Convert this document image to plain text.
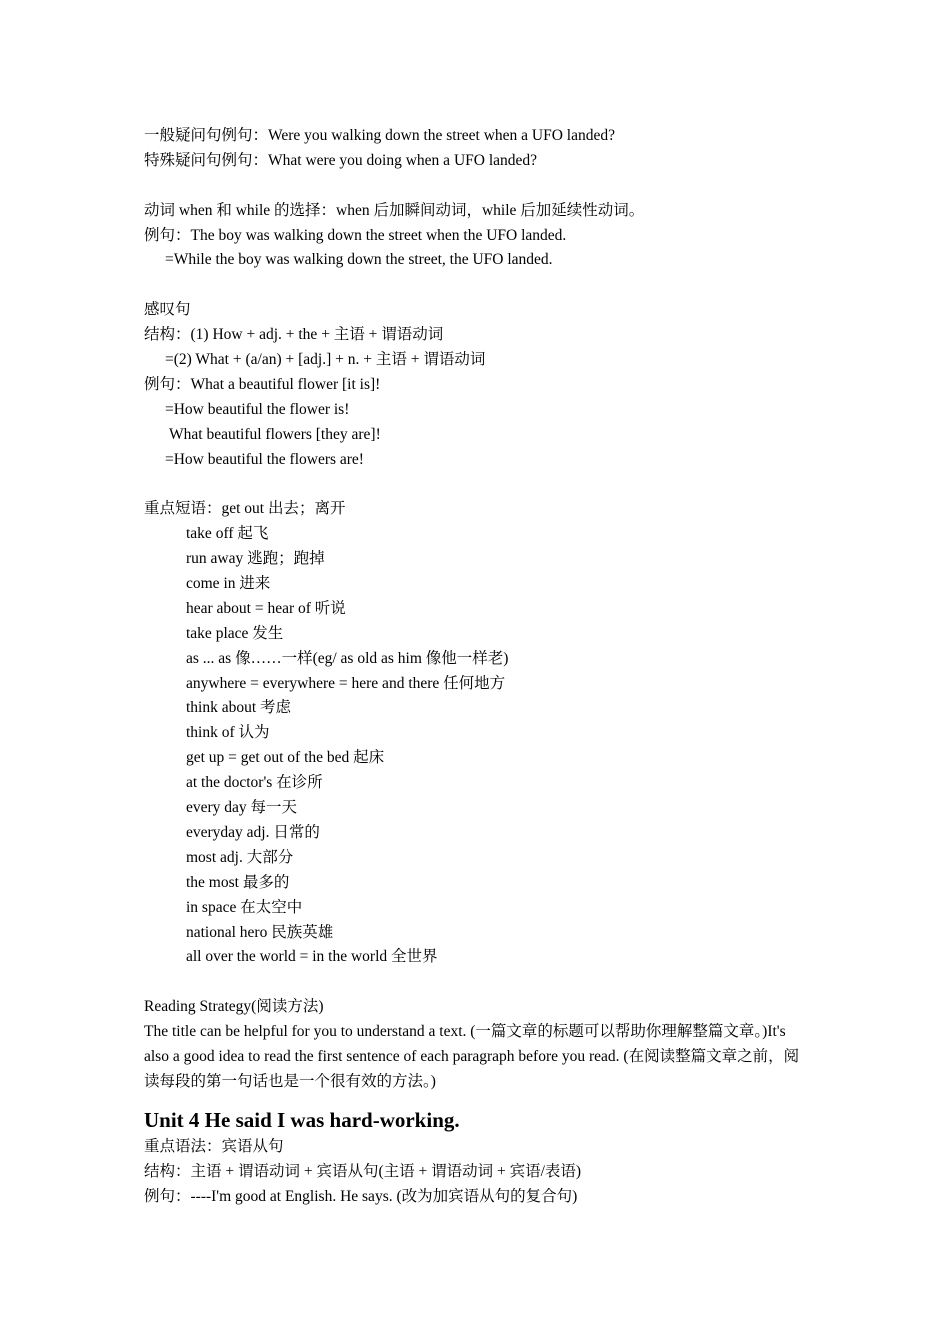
一般疑问句例句：Were you walking down the street when a UFO landed?
特殊疑问句例句：What were you doing when a UFO landed?
动词 when 和 while 的选择：when 后加瞬间动词，while 后加延续性动词。
例句：The boy was walking down the street when the UFO landed.
=While the boy was walking down the street, the UFO landed.
感叹句
结构：(1) How + adj. + the + 主语 + 谓语动词
=(2) What + (a/an) + [adj.] + n. + 主语 + 谓语动词
例句：What a beautiful flower [it is]!
=How beautiful the flower is!
What beautiful flowers [they are]!
=How beautiful the flowers are!
重点短语：get out 出去；离开
take off 起飞
run away 逃跑；跑掉
come in 进来
hear about = hear of 听说
take place 发生
as ... as 像……一样(eg/ as old as him 像他一样老)
anywhere = everywhere = here and there 任何地方
think about 考虑
think of 认为
get up = get out of the bed 起床
at the doctor's 在诊所
every day 每一天
everyday adj. 日常的
most adj. 大部分
the most 最多的
in space 在太空中
national hero 民族英雄
all over the world = in the world 全世界
Reading Strategy(阅读方法)
The title can be helpful for you to understand a text. (一篇文章的标题可以帮助你理解整篇文章。)It's also a good idea to read the first sentence of each paragraph before you read. (在阅读整篇文章之前，阅读每段的第一句话也是一个很有效的方法。)
Unit 4 He said I was hard-working.
重点语法：宾语从句
结构：主语 + 谓语动词 + 宾语从句(主语 + 谓语动词 + 宾语/表语)
例句：----I'm good at English. He says. (改为加宾语从句的复合句)
